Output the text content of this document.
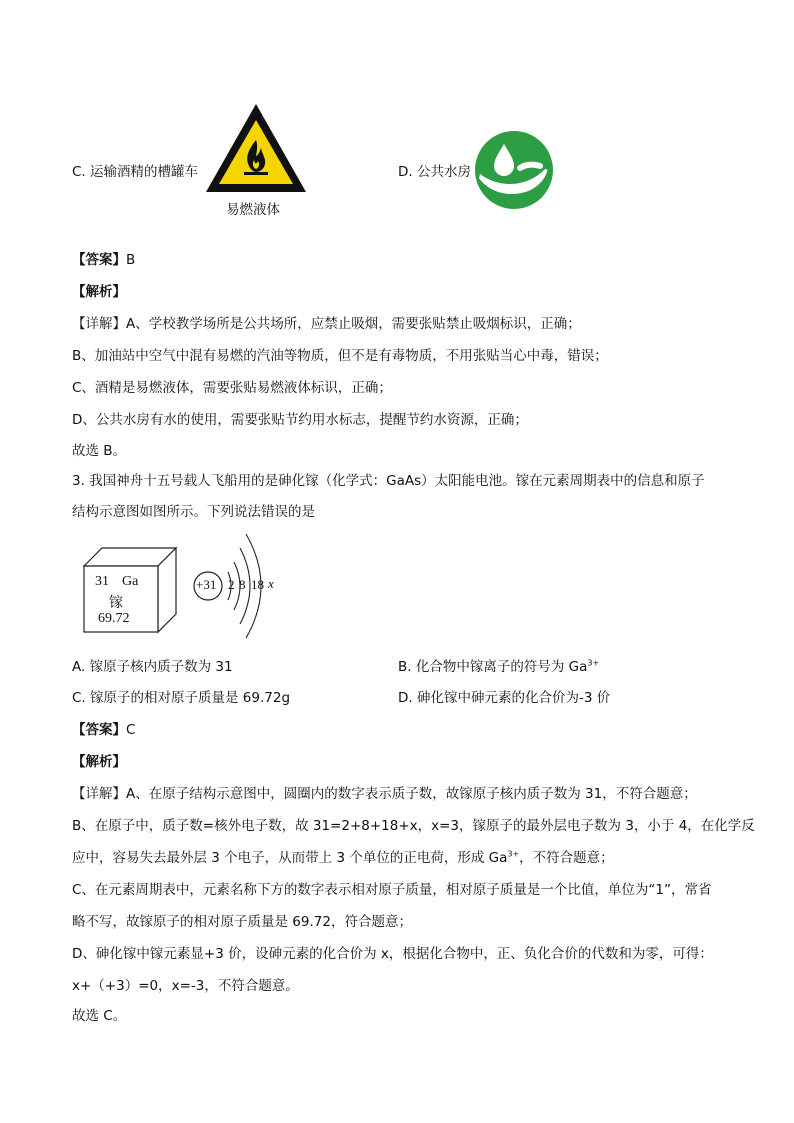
C. 运输酒精的槽罐车
易燃液体
D. 公共水房
【答案】B
【解析】
【详解】A、学校教学场所是公共场所，应禁止吸烟，需要张贴禁止吸烟标识，正确；
B、加油站中空气中混有易燃的汽油等物质，但不是有毒物质，不用张贴当心中毒，错误；
C、酒精是易燃液体，需要张贴易燃液体标识，正确；
D、公共水房有水的使用，需要张贴节约用水标志，提醒节约水资源，正确；
故选 B。
3. 我国神舟十五号载人飞船用的是砷化镓（化学式：GaAs）太阳能电池。镓在元素周期表中的信息和原子
结构示意图如图所示。下列说法错误的是
31 Ga
镓
69.72
+31 2 8 18 x
A. 镓原子核内质子数为 31	B. 化合物中镓离子的符号为 $Ga^{3+}$
C. 镓原子的相对原子质量是 69.72g	D. 砷化镓中砷元素的化合价为-3 价
【答案】C
【解析】
【详解】A、在原子结构示意图中，圆圈内的数字表示质子数，故镓原子核内质子数为 31，不符合题意；
B、在原子中，质子数=核外电子数，故 31=2+8+18+x，x=3，镓原子的最外层电子数为 3，小于 4，在化学反
应中，容易失去最外层 3 个电子，从而带上 3 个单位的正电荷，形成 $Ga^{3+}$，不符合题意；
C、在元素周期表中，元素名称下方的数字表示相对原子质量，相对原子质量是一个比值，单位为“1”，常省
略不写，故镓原子的相对原子质量是 69.72，符合题意；
D、砷化镓中镓元素显+3 价，设砷元素的化合价为 x，根据化合物中，正、负化合价的代数和为零，可得：
x+（+3）=0，x=-3，不符合题意。
故选 C。
